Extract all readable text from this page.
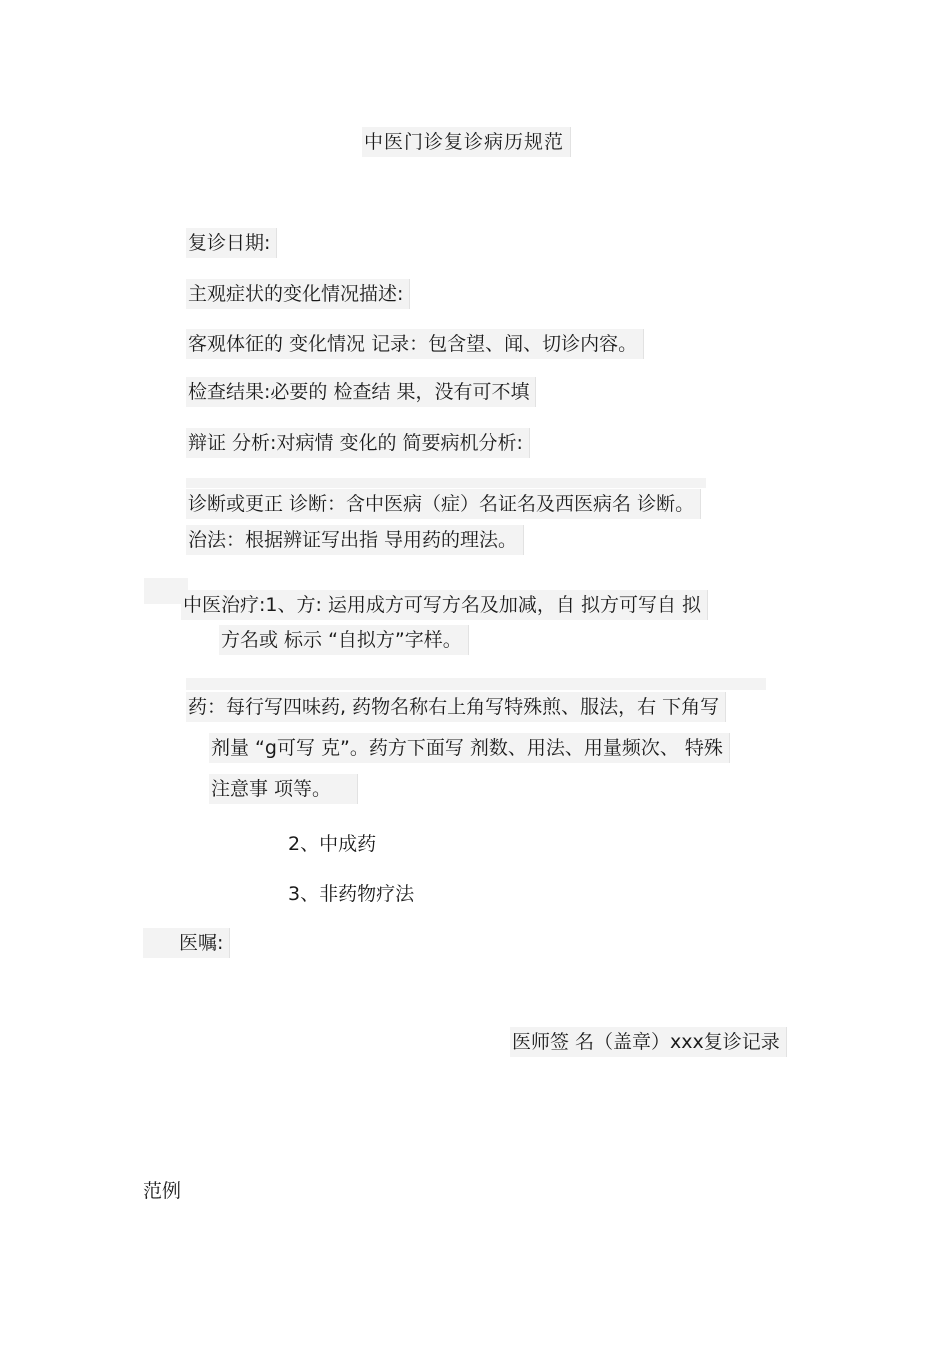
中医门诊复诊病历规范
复诊日期:
主观症状的变化情况描述:
客观体征的 变化情况 记录：包含望、闻、切诊内容。
检查结果:必要的 检查结 果，没有可不填
辩证 分析:对病情 变化的 简要病机分析:
诊断或更正 诊断：含中医病（症）名证名及西医病名 诊断。
治法：根据辨证写出指 导用药的理法。
中医治疗:1、方: 运用成方可写方名及加减，自 拟方可写自 拟
方名或 标示 “自拟方”字样。
药：每行写四味药, 药物名称右上角写特殊煎、服法，右 下角写
剂量 “g可写 克”。药方下面写 剂数、用法、用量频次、 特殊
注意事 项等。
2、中成药
3、非药物疗法
医嘱:
医师签 名（盖章）xxx复诊记录
范例
